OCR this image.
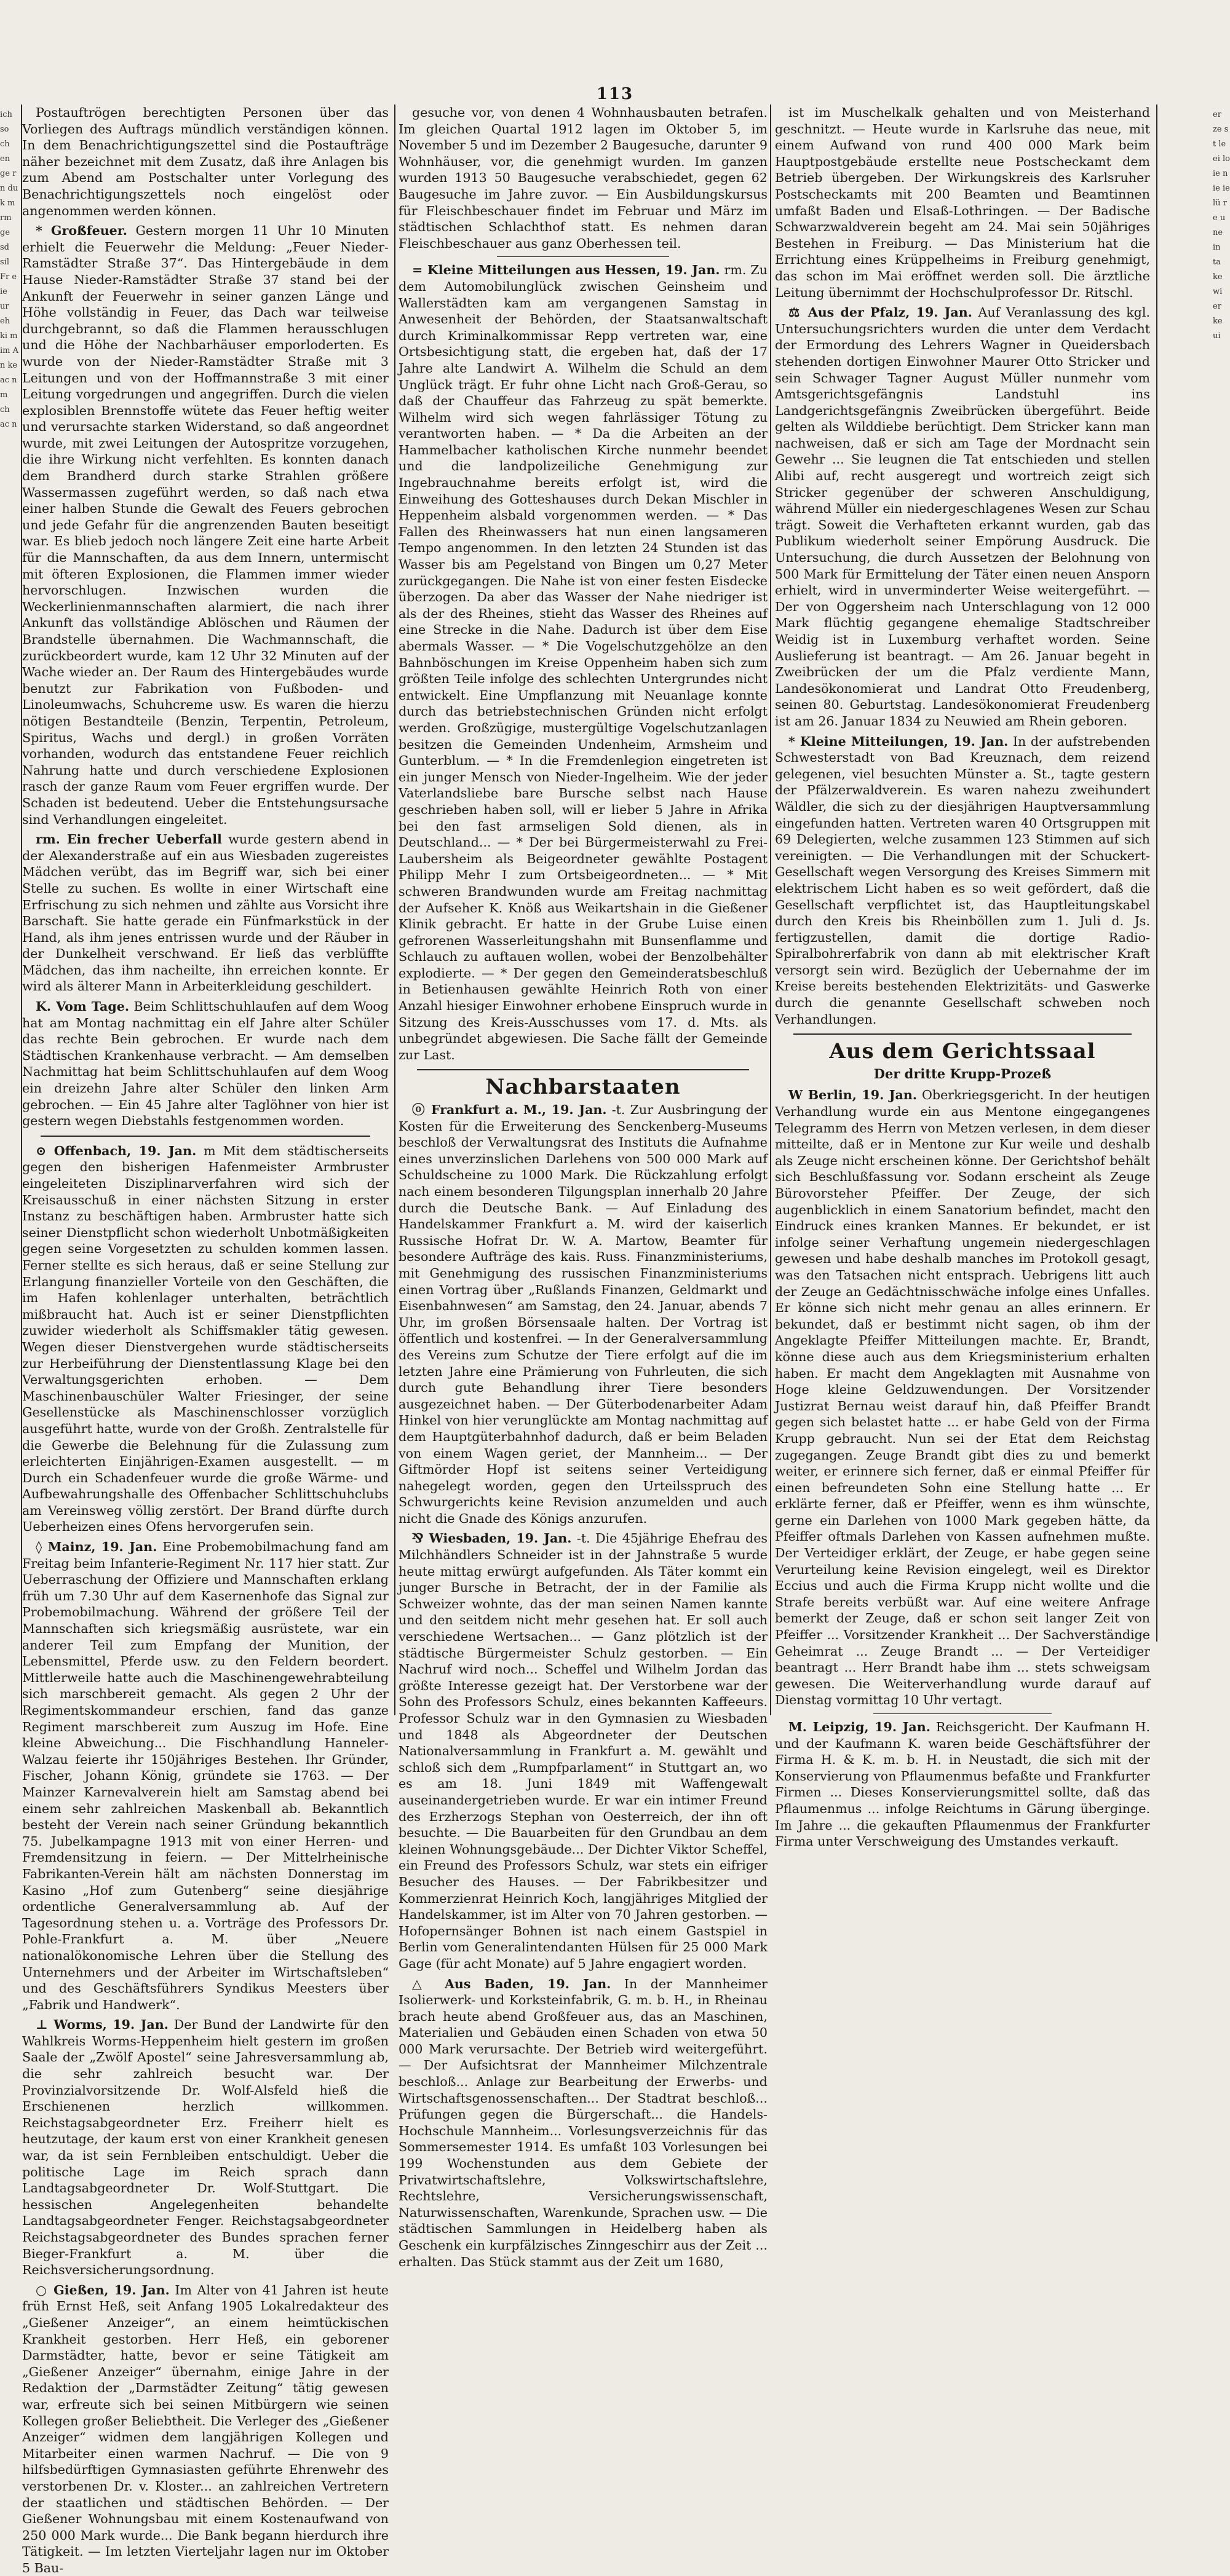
ich so ch en ge r n du k m rm ge sd sil Fr e ie ur eh ki m im A n ke ac n m ch ac n
er ze s t le ei lo ie n ie ie lü r e u ne in ta ke wi er ke ui
113

Postauftrögen berechtigten Personen über das Vorliegen des Auftrags mündlich verständigen können. In dem Benachrichtigungszettel sind die Postaufträge näher bezeichnet mit dem Zusatz, daß ihre Anlagen bis zum Abend am Postschalter unter Vorlegung des Benachrichtigungszettels noch eingelöst oder angenommen werden können.

* Großfeuer. Gestern morgen 11 Uhr 10 Minuten erhielt die Feuerwehr die Meldung: „Feuer Nieder-Ramstädter Straße 37“. Das Hintergebäude in dem Hause Nieder-Ramstädter Straße 37 stand bei der Ankunft der Feuerwehr in seiner ganzen Länge und Höhe vollständig in Feuer, das Dach war teilweise durchgebrannt, so daß die Flammen herausschlugen und die Höhe der Nachbarhäuser emporloderten. Es wurde von der Nieder-Ramstädter Straße mit 3 Leitungen und von der Hoffmannstraße 3 mit einer Leitung vorgedrungen und angegriffen. Durch die vielen explosiblen Brennstoffe wütete das Feuer heftig weiter und verursachte starken Widerstand, so daß angeordnet wurde, mit zwei Leitungen der Autospritze vorzugehen, die ihre Wirkung nicht verfehlten. Es konnten danach dem Brandherd durch starke Strahlen größere Wassermassen zugeführt werden, so daß nach etwa einer halben Stunde die Gewalt des Feuers gebrochen und jede Gefahr für die angrenzenden Bauten beseitigt war. Es blieb jedoch noch längere Zeit eine harte Arbeit für die Mannschaften, da aus dem Innern, untermischt mit öfteren Explosionen, die Flammen immer wieder hervorschlugen. Inzwischen wurden die Weckerlinienmannschaften alarmiert, die nach ihrer Ankunft das vollständige Ablöschen und Räumen der Brandstelle übernahmen. Die Wachmannschaft, die zurückbeordert wurde, kam 12 Uhr 32 Minuten auf der Wache wieder an. Der Raum des Hintergebäudes wurde benutzt zur Fabrikation von Fußboden- und Linoleumwachs, Schuhcreme usw. Es waren die hierzu nötigen Bestandteile (Benzin, Terpentin, Petroleum, Spiritus, Wachs und dergl.) in großen Vorräten vorhanden, wodurch das entstandene Feuer reichlich Nahrung hatte und durch verschiedene Explosionen rasch der ganze Raum vom Feuer ergriffen wurde. Der Schaden ist bedeutend. Ueber die Entstehungsursache sind Verhandlungen eingeleitet.

rm. Ein frecher Ueberfall wurde gestern abend in der Alexanderstraße auf ein aus Wiesbaden zugereistes Mädchen verübt, das im Begriff war, sich bei einer Stelle zu suchen. Es wollte in einer Wirtschaft eine Erfrischung zu sich nehmen und zählte aus Vorsicht ihre Barschaft. Sie hatte gerade ein Fünfmarkstück in der Hand, als ihm jenes entrissen wurde und der Räuber in der Dunkelheit verschwand. Er ließ das verblüffte Mädchen, das ihm nacheilte, ihn erreichen konnte. Er wird als älterer Mann in Arbeiterkleidung geschildert.

K. Vom Tage. Beim Schlittschuhlaufen auf dem Woog hat am Montag nachmittag ein elf Jahre alter Schüler das rechte Bein gebrochen. Er wurde nach dem Städtischen Krankenhause verbracht. — Am demselben Nachmittag hat beim Schlittschuhlaufen auf dem Woog ein dreizehn Jahre alter Schüler den linken Arm gebrochen. — Ein 45 Jahre alter Taglöhner von hier ist gestern wegen Diebstahls festgenommen worden.

⊙ Offenbach, 19. Jan. m Mit dem städtischerseits gegen den bisherigen Hafenmeister Armbruster eingeleiteten Disziplinarverfahren wird sich der Kreisausschuß in einer nächsten Sitzung in erster Instanz zu beschäftigen haben. Armbruster hatte sich seiner Dienstpflicht schon wiederholt Unbotmäßigkeiten gegen seine Vorgesetzten zu schulden kommen lassen. Ferner stellte es sich heraus, daß er seine Stellung zur Erlangung finanzieller Vorteile von den Geschäften, die im Hafen kohlenlager unterhalten, beträchtlich mißbraucht hat. Auch ist er seiner Dienstpflichten zuwider wiederholt als Schiffsmakler tätig gewesen. Wegen dieser Dienstvergehen wurde städtischerseits zur Herbeiführung der Dienstentlassung Klage bei den Verwaltungsgerichten erhoben. — Dem Maschinenbauschüler Walter Friesinger, der seine Gesellenstücke als Maschinenschlosser vorzüglich ausgeführt hatte, wurde von der Großh. Zentralstelle für die Gewerbe die Belehnung für die Zulassung zum erleichterten Einjährigen-Examen ausgestellt. — m Durch ein Schadenfeuer wurde die große Wärme- und Aufbewahrungshalle des Offenbacher Schlittschuhclubs am Vereinsweg völlig zerstört. Der Brand dürfte durch Ueberheizen eines Ofens hervorgerufen sein.

◊ Mainz, 19. Jan. Eine Probemobilmachung fand am Freitag beim Infanterie-Regiment Nr. 117 hier statt. Zur Ueberraschung der Offiziere und Mannschaften erklang früh um 7.30 Uhr auf dem Kasernenhofe das Signal zur Probemobilmachung. Während der größere Teil der Mannschaften sich kriegsmäßig ausrüstete, war ein anderer Teil zum Empfang der Munition, der Lebensmittel, Pferde usw. zu den Feldern beordert. Mittlerweile hatte auch die Maschinengewehrabteilung sich marschbereit gemacht. Als gegen 2 Uhr der Regimentskommandeur erschien, fand das ganze Regiment marschbereit zum Auszug im Hofe. Eine kleine Abweichung... Die Fischhandlung Hanneler-Walzau feierte ihr 150jähriges Bestehen. Ihr Gründer, Fischer, Johann König, gründete sie 1763. — Der Mainzer Karnevalverein hielt am Samstag abend bei einem sehr zahlreichen Maskenball ab. Bekanntlich besteht der Verein nach seiner Gründung bekanntlich 75. Jubelkampagne 1913 mit von einer Herren- und Fremdensitzung in feiern. — Der Mittelrheinische Fabrikanten-Verein hält am nächsten Donnerstag im Kasino „Hof zum Gutenberg“ seine diesjährige ordentliche Generalversammlung ab. Auf der Tagesordnung stehen u. a. Vorträge des Professors Dr. Pohle-Frankfurt a. M. über „Neuere nationalökonomische Lehren über die Stellung des Unternehmers und der Arbeiter im Wirtschaftsleben“ und des Geschäftsführers Syndikus Meesters über „Fabrik und Handwerk“.

⊥ Worms, 19. Jan. Der Bund der Landwirte für den Wahlkreis Worms-Heppenheim hielt gestern im großen Saale der „Zwölf Apostel“ seine Jahresversammlung ab, die sehr zahlreich besucht war. Der Provinzialvorsitzende Dr. Wolf-Alsfeld hieß die Erschienenen herzlich willkommen. Reichstagsabgeordneter Erz. Freiherr hielt es heutzutage, der kaum erst von einer Krankheit genesen war, da ist sein Fernbleiben entschuldigt. Ueber die politische Lage im Reich sprach dann Landtagsabgeordneter Dr. Wolf-Stuttgart. Die hessischen Angelegenheiten behandelte Landtagsabgeordneter Fenger. Reichstagsabgeordneter Reichstagsabgeordneter des Bundes sprachen ferner Bieger-Frankfurt a. M. über die Reichsversicherungsordnung.

○ Gießen, 19. Jan. Im Alter von 41 Jahren ist heute früh Ernst Heß, seit Anfang 1905 Lokalredakteur des „Gießener Anzeiger“, an einem heimtückischen Krankheit gestorben. Herr Heß, ein geborener Darmstädter, hatte, bevor er seine Tätigkeit am „Gießener Anzeiger“ übernahm, einige Jahre in der Redaktion der „Darmstädter Zeitung“ tätig gewesen war, erfreute sich bei seinen Mitbürgern wie seinen Kollegen großer Beliebtheit. Die Verleger des „Gießener Anzeiger“ widmen dem langjährigen Kollegen und Mitarbeiter einen warmen Nachruf. — Die von 9 hilfsbedürftigen Gymnasiasten geführte Ehrenwehr des verstorbenen Dr. v. Kloster... an zahlreichen Vertretern der staatlichen und städtischen Behörden. — Der Gießener Wohnungsbau mit einem Kostenaufwand von 250 000 Mark wurde... Die Bank begann hierdurch ihre Tätigkeit. — Im letzten Vierteljahr lagen nur im Oktober 5 Bau-

gesuche vor, von denen 4 Wohnhausbauten betrafen. Im gleichen Quartal 1912 lagen im Oktober 5, im November 5 und im Dezember 2 Baugesuche, darunter 9 Wohnhäuser, vor, die genehmigt wurden. Im ganzen wurden 1913 50 Baugesuche verabschiedet, gegen 62 Baugesuche im Jahre zuvor. — Ein Ausbildungskursus für Fleischbeschauer findet im Februar und März im städtischen Schlachthof statt. Es nehmen daran Fleischbeschauer aus ganz Oberhessen teil.

= Kleine Mitteilungen aus Hessen, 19. Jan. rm. Zu dem Automobilunglück zwischen Geinsheim und Wallerstädten kam am vergangenen Samstag in Anwesenheit der Behörden, der Staatsanwaltschaft durch Kriminalkommissar Repp vertreten war, eine Ortsbesichtigung statt, die ergeben hat, daß der 17 Jahre alte Landwirt A. Wilhelm die Schuld an dem Unglück trägt. Er fuhr ohne Licht nach Groß-Gerau, so daß der Chauffeur das Fahrzeug zu spät bemerkte. Wilhelm wird sich wegen fahrlässiger Tötung zu verantworten haben. — * Da die Arbeiten an der Hammelbacher katholischen Kirche nunmehr beendet und die landpolizeiliche Genehmigung zur Ingebrauchnahme bereits erfolgt ist, wird die Einweihung des Gotteshauses durch Dekan Mischler in Heppenheim alsbald vorgenommen werden. — * Das Fallen des Rheinwassers hat nun einen langsameren Tempo angenommen. In den letzten 24 Stunden ist das Wasser bis am Pegelstand von Bingen um 0,27 Meter zurückgegangen. Die Nahe ist von einer festen Eisdecke überzogen. Da aber das Wasser der Nahe niedriger ist als der des Rheines, stieht das Wasser des Rheines auf eine Strecke in die Nahe. Dadurch ist über dem Eise abermals Wasser. — * Die Vogelschutzgehölze an den Bahnböschungen im Kreise Oppenheim haben sich zum größten Teile infolge des schlechten Untergrundes nicht entwickelt. Eine Umpflanzung mit Neuanlage konnte durch das betriebstechnischen Gründen nicht erfolgt werden. Großzügige, mustergültige Vogelschutzanlagen besitzen die Gemeinden Undenheim, Armsheim und Gunterblum. — * In die Fremdenlegion eingetreten ist ein junger Mensch von Nieder-Ingelheim. Wie der jeder Vaterlandsliebe bare Bursche selbst nach Hause geschrieben haben soll, will er lieber 5 Jahre in Afrika bei den fast armseligen Sold dienen, als in Deutschland... — * Der bei Bürgermeisterwahl zu Frei-Laubersheim als Beigeordneter gewählte Postagent Philipp Mehr I zum Ortsbeigeordneten... — * Mit schweren Brandwunden wurde am Freitag nachmittag der Aufseher K. Knöß aus Weikartshain in die Gießener Klinik gebracht. Er hatte in der Grube Luise einen gefrorenen Wasserleitungshahn mit Bunsenflamme und Schlauch zu auftauen wollen, wobei der Benzolbehälter explodierte. — * Der gegen den Gemeinderatsbeschluß in Betienhausen gewählte Heinrich Roth von einer Anzahl hiesiger Einwohner erhobene Einspruch wurde in Sitzung des Kreis-Ausschusses vom 17. d. Mts. als unbegründet abgewiesen. Die Sache fällt der Gemeinde zur Last.

Nachbarstaaten

ⓞ Frankfurt a. M., 19. Jan. -t. Zur Ausbringung der Kosten für die Erweiterung des Senckenberg-Museums beschloß der Verwaltungsrat des Instituts die Aufnahme eines unverzinslichen Darlehens von 500 000 Mark auf Schuldscheine zu 1000 Mark. Die Rückzahlung erfolgt nach einem besonderen Tilgungsplan innerhalb 20 Jahre durch die Deutsche Bank. — Auf Einladung des Handelskammer Frankfurt a. M. wird der kaiserlich Russische Hofrat Dr. W. A. Martow, Beamter für besondere Aufträge des kais. Russ. Finanzministeriums, mit Genehmigung des russischen Finanzministeriums einen Vortrag über „Rußlands Finanzen, Geldmarkt und Eisenbahnwesen“ am Samstag, den 24. Januar, abends 7 Uhr, im großen Börsensaale halten. Der Vortrag ist öffentlich und kostenfrei. — In der Generalversammlung des Vereins zum Schutze der Tiere erfolgt auf die im letzten Jahre eine Prämierung von Fuhrleuten, die sich durch gute Behandlung ihrer Tiere besonders ausgezeichnet haben. — Der Güterbodenarbeiter Adam Hinkel von hier verunglückte am Montag nachmittag auf dem Hauptgüterbahnhof dadurch, daß er beim Beladen von einem Wagen geriet, der Mannheim... — Der Giftmörder Hopf ist seitens seiner Verteidigung nahegelegt worden, gegen den Urteilsspruch des Schwurgerichts keine Revision anzumelden und auch nicht die Gnade des Königs anzurufen.

⅋ Wiesbaden, 19. Jan. -t. Die 45jährige Ehefrau des Milchhändlers Schneider ist in der Jahnstraße 5 wurde heute mittag erwürgt aufgefunden. Als Täter kommt ein junger Bursche in Betracht, der in der Familie als Schweizer wohnte, das der man seinen Namen kannte und den seitdem nicht mehr gesehen hat. Er soll auch verschiedene Wertsachen... — Ganz plötzlich ist der städtische Bürgermeister Schulz gestorben. — Ein Nachruf wird noch... Scheffel und Wilhelm Jordan das größte Interesse gezeigt hat. Der Verstorbene war der Sohn des Professors Schulz, eines bekannten Kaffeeurs. Professor Schulz war in den Gymnasien zu Wiesbaden und 1848 als Abgeordneter der Deutschen Nationalversammlung in Frankfurt a. M. gewählt und schloß sich dem „Rumpfparlament“ in Stuttgart an, wo es am 18. Juni 1849 mit Waffengewalt auseinandergetrieben wurde. Er war ein intimer Freund des Erzherzogs Stephan von Oesterreich, der ihn oft besuchte. — Die Bauarbeiten für den Grundbau an dem kleinen Wohnungsgebäude... Der Dichter Viktor Scheffel, ein Freund des Professors Schulz, war stets ein eifriger Besucher des Hauses. — Der Fabrikbesitzer und Kommerzienrat Heinrich Koch, langjähriges Mitglied der Handelskammer, ist im Alter von 70 Jahren gestorben. — Hofopernsänger Bohnen ist nach einem Gastspiel in Berlin vom Generalintendanten Hülsen für 25 000 Mark Gage (für acht Monate) auf 5 Jahre engagiert worden.

△ Aus Baden, 19. Jan. In der Mannheimer Isolierwerk- und Korksteinfabrik, G. m. b. H., in Rheinau brach heute abend Großfeuer aus, das an Maschinen, Materialien und Gebäuden einen Schaden von etwa 50 000 Mark verursachte. Der Betrieb wird weitergeführt. — Der Aufsichtsrat der Mannheimer Milchzentrale beschloß... Anlage zur Bearbeitung der Erwerbs- und Wirtschaftsgenossenschaften... Der Stadtrat beschloß... Prüfungen gegen die Bürgerschaft... die Handels-Hochschule Mannheim... Vorlesungsverzeichnis für das Sommersemester 1914. Es umfaßt 103 Vorlesungen bei 199 Wochenstunden aus dem Gebiete der Privatwirtschaftslehre, Volkswirtschaftslehre, Rechtslehre, Versicherungswissenschaft, Naturwissenschaften, Warenkunde, Sprachen usw. — Die städtischen Sammlungen in Heidelberg haben als Geschenk ein kurpfälzisches Zinngeschirr aus der Zeit ... erhalten. Das Stück stammt aus der Zeit um 1680,

ist im Muschelkalk gehalten und von Meisterhand geschnitzt. — Heute wurde in Karlsruhe das neue, mit einem Aufwand von rund 400 000 Mark beim Hauptpostgebäude erstellte neue Postscheckamt dem Betrieb übergeben. Der Wirkungskreis des Karlsruher Postscheckamts mit 200 Beamten und Beamtinnen umfaßt Baden und Elsaß-Lothringen. — Der Badische Schwarzwaldverein begeht am 24. Mai sein 50jähriges Bestehen in Freiburg. — Das Ministerium hat die Errichtung eines Krüppelheims in Freiburg genehmigt, das schon im Mai eröffnet werden soll. Die ärztliche Leitung übernimmt der Hochschulprofessor Dr. Ritschl.

⚖ Aus der Pfalz, 19. Jan. Auf Veranlassung des kgl. Untersuchungsrichters wurden die unter dem Verdacht der Ermordung des Lehrers Wagner in Queidersbach stehenden dortigen Einwohner Maurer Otto Stricker und sein Schwager Tagner August Müller nunmehr vom Amtsgerichtsgefängnis Landstuhl ins Landgerichtsgefängnis Zweibrücken übergeführt. Beide gelten als Wilddiebe berüchtigt. Dem Stricker kann man nachweisen, daß er sich am Tage der Mordnacht sein Gewehr ... Sie leugnen die Tat entschieden und stellen Alibi auf, recht ausgeregt und wortreich zeigt sich Stricker gegenüber der schweren Anschuldigung, während Müller ein niedergeschlagenes Wesen zur Schau trägt. Soweit die Verhafteten erkannt wurden, gab das Publikum wiederholt seiner Empörung Ausdruck. Die Untersuchung, die durch Aussetzen der Belohnung von 500 Mark für Ermittelung der Täter einen neuen Ansporn erhielt, wird in unverminderter Weise weitergeführt. — Der von Oggersheim nach Unterschlagung von 12 000 Mark flüchtig gegangene ehemalige Stadtschreiber Weidig ist in Luxemburg verhaftet worden. Seine Auslieferung ist beantragt. — Am 26. Januar begeht in Zweibrücken der um die Pfalz verdiente Mann, Landesökonomierat und Landrat Otto Freudenberg, seinen 80. Geburtstag. Landesökonomierat Freudenberg ist am 26. Januar 1834 zu Neuwied am Rhein geboren.

* Kleine Mitteilungen, 19. Jan. In der aufstrebenden Schwesterstadt von Bad Kreuznach, dem reizend gelegenen, viel besuchten Münster a. St., tagte gestern der Pfälzerwaldverein. Es waren nahezu zweihundert Wäldler, die sich zu der diesjährigen Hauptversammlung eingefunden hatten. Vertreten waren 40 Ortsgruppen mit 69 Delegierten, welche zusammen 123 Stimmen auf sich vereinigten. — Die Verhandlungen mit der Schuckert-Gesellschaft wegen Versorgung des Kreises Simmern mit elektrischem Licht haben es so weit gefördert, daß die Gesellschaft verpflichtet ist, das Hauptleitungskabel durch den Kreis bis Rheinböllen zum 1. Juli d. Js. fertigzustellen, damit die dortige Radio-Spiralbohrerfabrik von dann ab mit elektrischer Kraft versorgt sein wird. Bezüglich der Uebernahme der im Kreise bereits bestehenden Elektrizitäts- und Gaswerke durch die genannte Gesellschaft schweben noch Verhandlungen.

Aus dem Gerichtssaal
Der dritte Krupp-Prozeß

W Berlin, 19. Jan. Oberkriegsgericht. In der heutigen Verhandlung wurde ein aus Mentone eingegangenes Telegramm des Herrn von Metzen verlesen, in dem dieser mitteilte, daß er in Mentone zur Kur weile und deshalb als Zeuge nicht erscheinen könne. Der Gerichtshof behält sich Beschlußfassung vor. Sodann erscheint als Zeuge Bürovorsteher Pfeiffer. Der Zeuge, der sich augenblicklich in einem Sanatorium befindet, macht den Eindruck eines kranken Mannes. Er bekundet, er ist infolge seiner Verhaftung ungemein niedergeschlagen gewesen und habe deshalb manches im Protokoll gesagt, was den Tatsachen nicht entsprach. Uebrigens litt auch der Zeuge an Gedächtnisschwäche infolge eines Unfalles. Er könne sich nicht mehr genau an alles erinnern. Er bekundet, daß er bestimmt nicht sagen, ob ihm der Angeklagte Pfeiffer Mitteilungen machte. Er, Brandt, könne diese auch aus dem Kriegsministerium erhalten haben. Er macht dem Angeklagten mit Ausnahme von Hoge kleine Geldzuwendungen. Der Vorsitzender Justizrat Bernau weist darauf hin, daß Pfeiffer Brandt gegen sich belastet hatte ... er habe Geld von der Firma Krupp gebraucht. Nun sei der Etat dem Reichstag zugegangen. Zeuge Brandt gibt dies zu und bemerkt weiter, er erinnere sich ferner, daß er einmal Pfeiffer für einen befreundeten Sohn eine Stellung hatte ... Er erklärte ferner, daß er Pfeiffer, wenn es ihm wünschte, gerne ein Darlehen von 1000 Mark gegeben hätte, da Pfeiffer oftmals Darlehen von Kassen aufnehmen mußte. Der Verteidiger erklärt, der Zeuge, er habe gegen seine Verurteilung keine Revision eingelegt, weil es Direktor Eccius und auch die Firma Krupp nicht wollte und die Strafe bereits verbüßt war. Auf eine weitere Anfrage bemerkt der Zeuge, daß er schon seit langer Zeit von Pfeiffer ... Vorsitzender Krankheit ... Der Sachverständige Geheimrat ... Zeuge Brandt ... — Der Verteidiger beantragt ... Herr Brandt habe ihm ... stets schweigsam gewesen. Die Weiterverhandlung wurde darauf auf Dienstag vormittag 10 Uhr vertagt.

M. Leipzig, 19. Jan. Reichsgericht. Der Kaufmann H. und der Kaufmann K. waren beide Geschäftsführer der Firma H. & K. m. b. H. in Neustadt, die sich mit der Konservierung von Pflaumenmus befaßte und Frankfurter Firmen ... Dieses Konservierungsmittel sollte, daß das Pflaumenmus ... infolge Reichtums in Gärung überginge. Im Jahre ... die gekauften Pflaumenmus der Frankfurter Firma unter Verschweigung des Umstandes verkauft.
